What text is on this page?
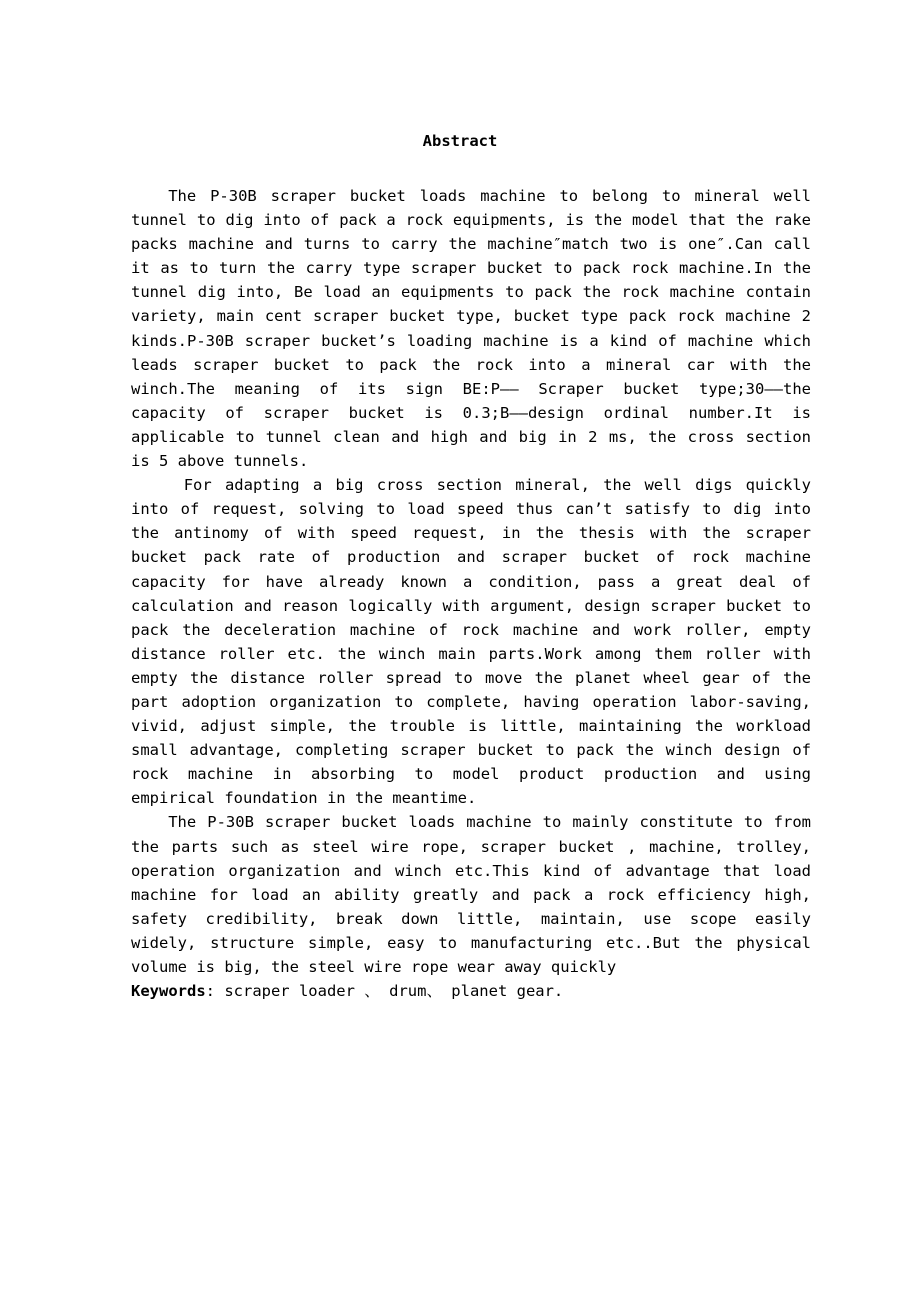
Abstract

The P-30B scraper bucket loads machine to belong to mineral well tunnel to dig into of pack a rock equipments, is the model that the rake packs machine and turns to carry the machine″match two is one″.Can call it as to turn the carry type scraper bucket to pack rock machine.In the tunnel dig into, Be load an equipments to pack the rock machine contain variety, main cent scraper bucket type, bucket type pack rock machine 2 kinds.P-30B scraper bucket’s loading machine is a kind of machine which leads scraper bucket to pack the rock into a mineral car with the winch.The meaning of its sign BE:P—— Scraper bucket type;30——the capacity of scraper bucket is 0.3;B——design ordinal number.It is applicable to tunnel clean and high and big in 2 ms, the cross section is 5 above tunnels.

For adapting a big cross section mineral, the well digs quickly into of request, solving to load speed thus can’t satisfy to dig into the antinomy of with speed request, in the thesis with the scraper bucket pack rate of production and scraper bucket of rock machine capacity for have already known a condition, pass a great deal of calculation and reason logically with argument, design scraper bucket to pack the deceleration machine of rock machine and work roller, empty distance roller etc. the winch main parts.Work among them roller with empty the distance roller spread to move the planet wheel gear of the part adoption organization to complete, having operation labor-saving, vivid, adjust simple, the trouble is little, maintaining the workload small advantage, completing scraper bucket to pack the winch design of rock machine in absorbing to model product production and using empirical foundation in the meantime.

The P-30B scraper bucket loads machine to mainly constitute to from the parts such as steel wire rope, scraper bucket , machine, trolley, operation organization and winch etc.This kind of advantage that load machine for load an ability greatly and pack a rock efficiency high, safety credibility, break down little, maintain, use scope easily widely, structure simple, easy to manufacturing etc..But the physical volume is big, the steel wire rope wear away quickly

Keywords: scraper loader 、 drum、 planet gear.
